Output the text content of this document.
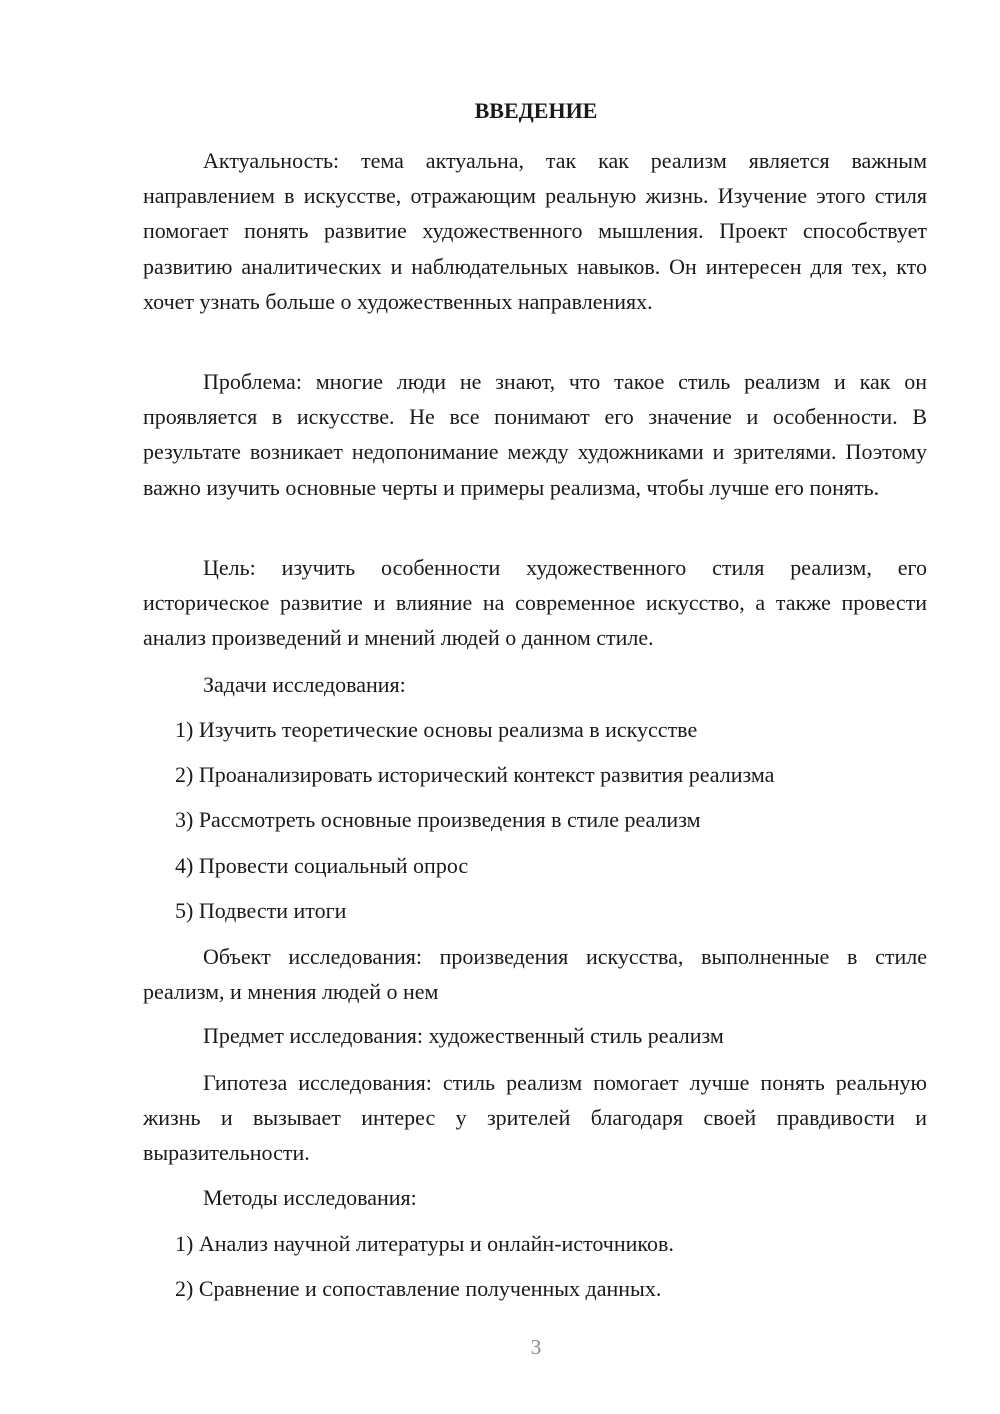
ВВЕДЕНИЕ

Актуальность: тема актуальна, так как реализм является важным направлением в искусстве, отражающим реальную жизнь. Изучение этого стиля помогает понять развитие художественного мышления. Проект способствует развитию аналитических и наблюдательных навыков. Он интересен для тех, кто хочет узнать больше о художественных направлениях.

Проблема: многие люди не знают, что такое стиль реализм и как он проявляется в искусстве. Не все понимают его значение и особенности. В результате возникает недопонимание между художниками и зрителями. Поэтому важно изучить основные черты и примеры реализма, чтобы лучше его понять.

Цель: изучить особенности художественного стиля реализм, его историческое развитие и влияние на современное искусство, а также провести анализ произведений и мнений людей о данном стиле.

Задачи исследования:
1) Изучить теоретические основы реализма в искусстве
2) Проанализировать исторический контекст развития реализма
3) Рассмотреть основные произведения в стиле реализм
4) Провести социальный опрос
5) Подвести итоги

Объект исследования: произведения искусства, выполненные в стиле реализм, и мнения людей о нем

Предмет исследования: художественный стиль реализм

Гипотеза исследования: стиль реализм помогает лучше понять реальную жизнь и вызывает интерес у зрителей благодаря своей правдивости и выразительности.

Методы исследования:
1) Анализ научной литературы и онлайн-источников.
2) Сравнение и сопоставление полученных данных.
3
